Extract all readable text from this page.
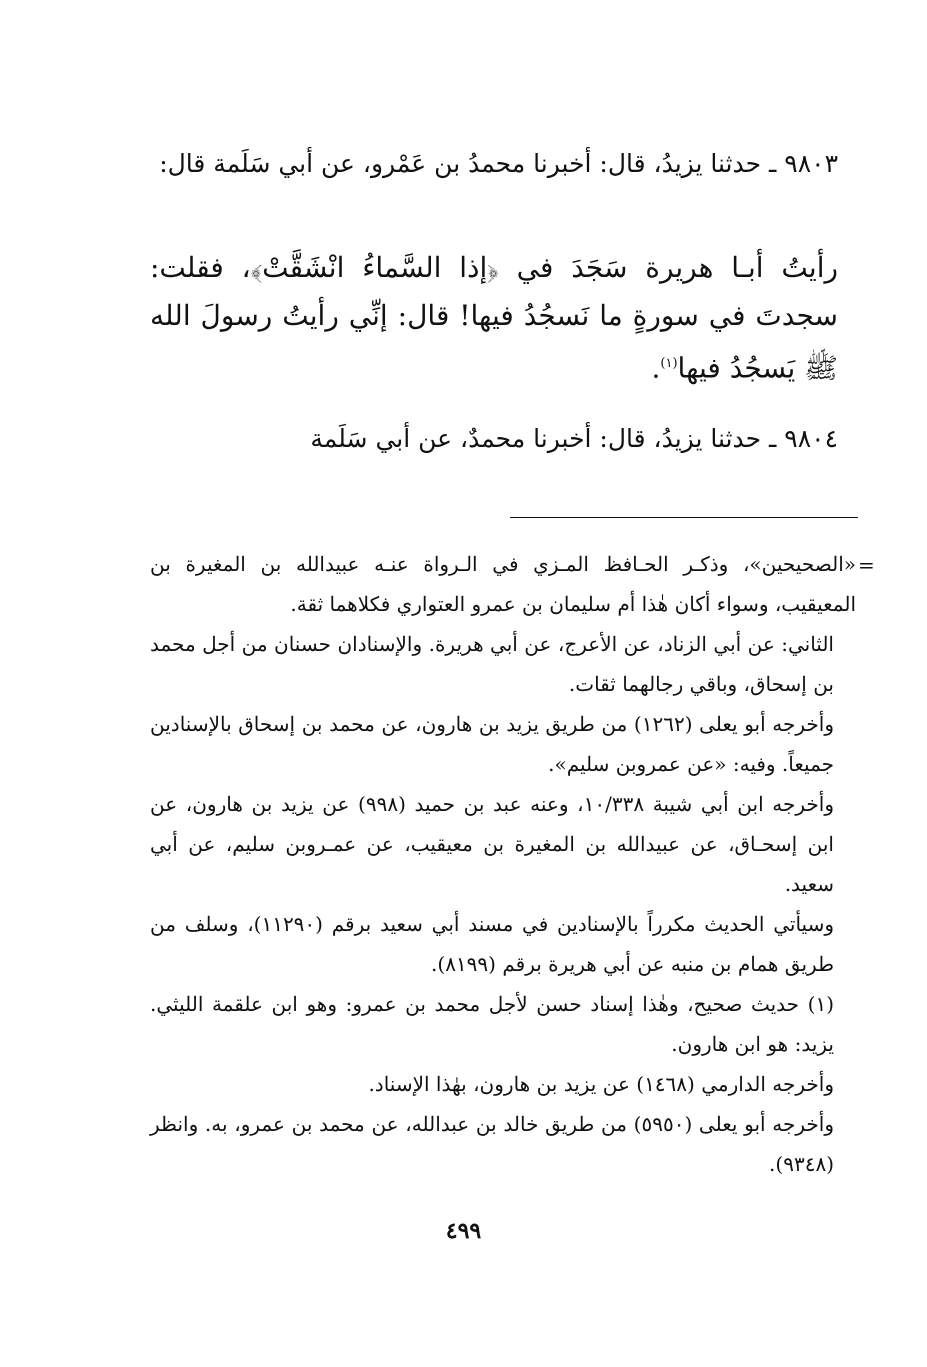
٩٨٠٣ ـ حدثنا يزيدُ، قال: أخبرنا محمدُ بن عَمْرو، عن أبي سَلَمة قال:

رأيتُ أبـا هريرة سَجَدَ في ﴿إذا السَّماءُ انْشَقَّتْ﴾، فقلت: سجدتَ في سورةٍ ما نَسجُدُ فيها! قال: إنِّي رأيتُ رسولَ الله ﷺ يَسجُدُ فيها$^{(١)}$.

٩٨٠٤ ـ حدثنا يزيدُ، قال: أخبرنا محمدٌ، عن أبي سَلَمة

=

«الصحيحين»، وذكـر الحـافظ المـزي في الـرواة عنـه عبيدالله بن المغيرة بن المعيقيب، وسواء أكان هٰذا أم سليمان بن عمرو العتواري فكلاهما ثقة.

الثاني: عن أبي الزناد، عن الأعرج، عن أبي هريرة. والإسنادان حسنان من أجل محمد بن إسحاق، وباقي رجالهما ثقات.

وأخرجه أبو يعلى (١٢٦٢) من طريق يزيد بن هارون، عن محمد بن إسحاق بالإسنادين جميعاً. وفيه: «عن عمروبن سليم».

وأخرجه ابن أبي شيبة ١٠/٣٣٨، وعنه عبد بن حميد (٩٩٨) عن يزيد بن هارون، عن ابن إسحـاق، عن عبيدالله بن المغيرة بن معيقيب، عن عمـروبن سليم، عن أبي سعيد.

وسيأتي الحديث مكرراً بالإسنادين في مسند أبي سعيد برقم (١١٢٩٠)، وسلف من طريق همام بن منبه عن أبي هريرة برقم (٨١٩٩).

(١) حديث صحيح، وهٰذا إسناد حسن لأجل محمد بن عمرو: وهو ابن علقمة الليثي. يزيد: هو ابن هارون.

وأخرجه الدارمي (١٤٦٨) عن يزيد بن هارون، بهٰذا الإسناد.

وأخرجه أبو يعلى (٥٩٥٠) من طريق خالد بن عبدالله، عن محمد بن عمرو، به. وانظر (٩٣٤٨).

٤٩٩
